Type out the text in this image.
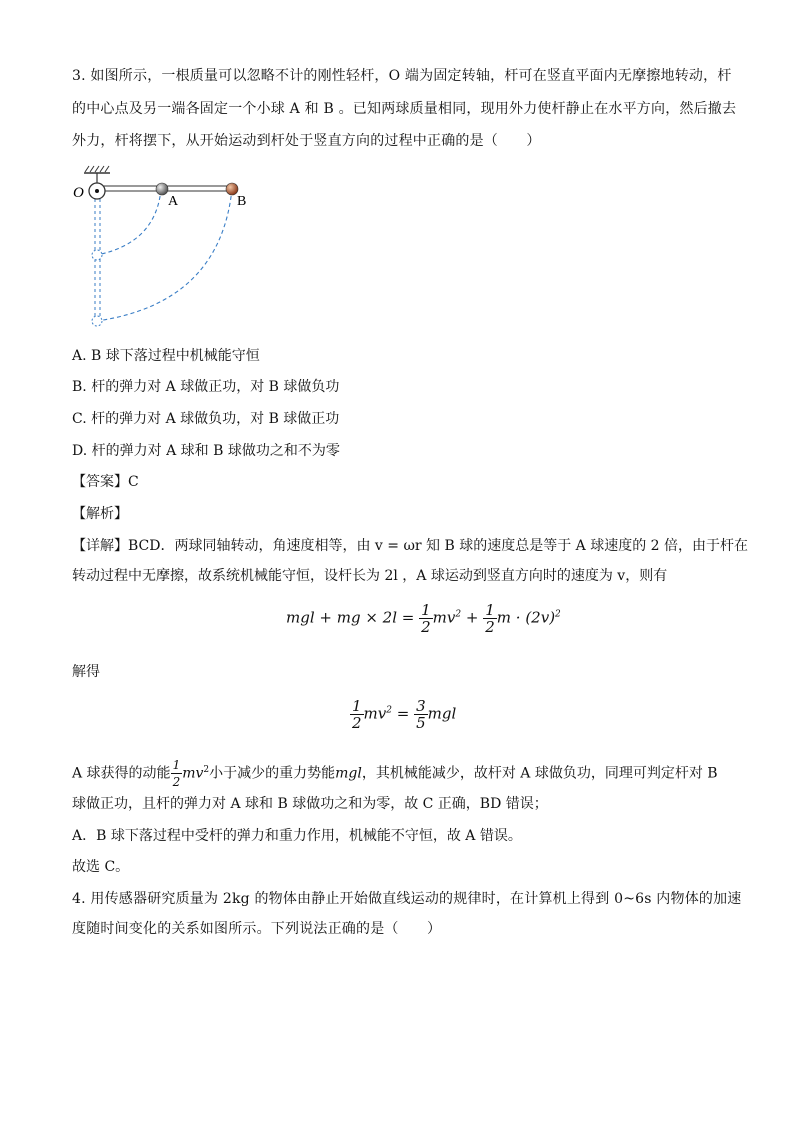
3. 如图所示，一根质量可以忽略不计的刚性轻杆，O 端为固定转轴，杆可在竖直平面内无摩擦地转动，杆
的中心点及另一端各固定一个小球 A 和 B 。已知两球质量相同，现用外力使杆静止在水平方向，然后撤去
外力，杆将摆下，从开始运动到杆处于竖直方向的过程中正确的是（　　）
O
A	B
A. B 球下落过程中机械能守恒
B. 杆的弹力对 A 球做正功，对 B 球做负功
C. 杆的弹力对 A 球做负功，对 B 球做正功
D. 杆的弹力对 A 球和 B 球做功之和不为零
【答案】C
【解析】
【详解】BCD．两球同轴转动，角速度相等，由 v = ωr 知 B 球的速度总是等于 A 球速度的 2 倍，由于杆在
转动过程中无摩擦，故系统机械能守恒，设杆长为 2l ，A 球运动到竖直方向时的速度为 v，则有
mgl + mg × $2l = \frac{1}{2} mv^2 + \frac{1}{2}$ $m \cdot (2v)^2$
解得
$\frac{1}{2} mv^2 = \frac{3}{5}$ mgl
A 球获得的动能 $\frac{1}{2} mv^2$小于减少的重力势能mgl，其机械能减少，故杆对 A 球做负功，同理可判定杆对 B
球做正功，且杆的弹力对 A 球和 B 球做功之和为零，故 C 正确，BD 错误；
A．B 球下落过程中受杆的弹力和重力作用，机械能不守恒，故 A 错误。
故选 C。
4. 用传感器研究质量为 2kg 的物体由静止开始做直线运动的规律时，在计算机上得到 0~6s 内物体的加速
度随时间变化的关系如图所示。下列说法正确的是（　　）
